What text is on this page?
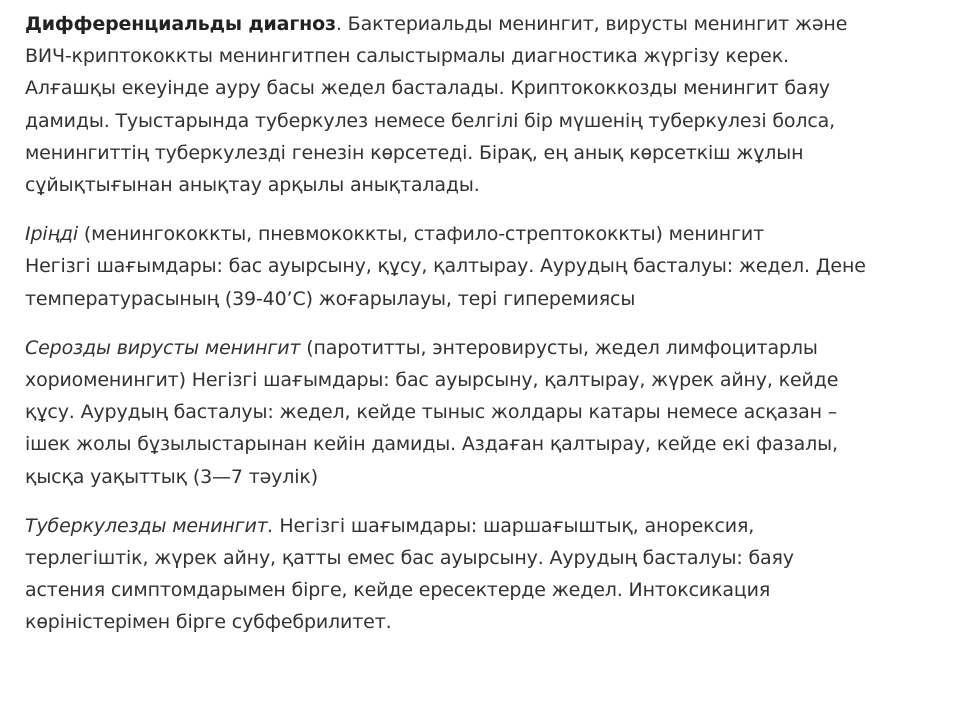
Дифференциальды диагноз. Бактериальды менингит, вирусты менингит және
ВИЧ-криптококкты менингитпен салыстырмалы диагностика жүргізу керек.
Алғашқы екеуінде ауру басы жедел басталады. Криптококкозды менингит баяу
дамиды. Туыстарында туберкулез немесе белгілі бір мүшенің туберкулезі болса,
менингиттің туберкулезді генезін көрсетеді. Бірақ, ең анық көрсеткіш жұлын
сұйықтығынан анықтау арқылы анықталады.

Іріңді (менингококкты, пневмококкты, стафило-стрептококкты) менингит
Негізгі шағымдары: бас ауырсыну, құсу, қалтырау. Аурудың басталуы: жедел. Дене
температурасының (39-40’С) жоғарылауы, тері гиперемиясы

Серозды вирусты менингит (паротитты, энтеровирусты, жедел лимфоцитарлы
хориоменингит) Негізгі шағымдары: бас ауырсыну, қалтырау, жүрек айну, кейде
құсу. Аурудың басталуы: жедел, кейде тыныс жолдары катары немесе асқазан –
ішек жолы бұзылыстарынан кейін дамиды. Аздаған қалтырау, кейде екі фазалы,
қысқа уақыттық (3—7 тәулік)

Туберкулезды менингит. Негізгі шағымдары: шаршағыштық, анорексия,
терлегіштік, жүрек айну, қатты емес бас ауырсыну. Аурудың басталуы: баяу
астения симптомдарымен бірге, кейде ересектерде жедел. Интоксикация
көріністерімен бірге субфебрилитет.
